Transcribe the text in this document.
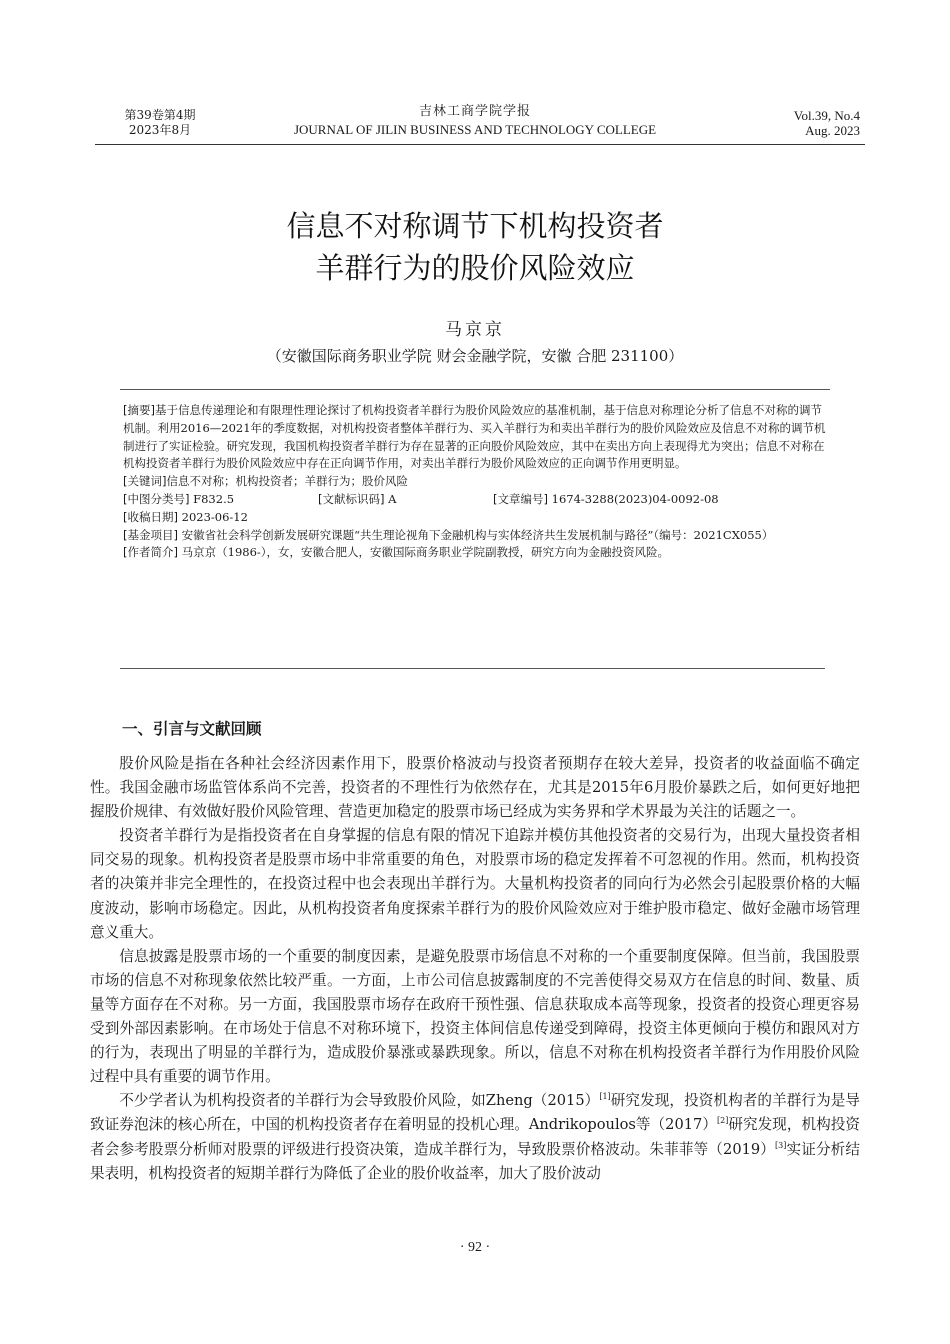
第39卷第4期
2023年8月
吉林工商学院学报
JOURNAL OF JILIN BUSINESS AND TECHNOLOGY COLLEGE
Vol.39, No.4
Aug. 2023
信息不对称调节下机构投资者
羊群行为的股价风险效应
马京京
（安徽国际商务职业学院 财会金融学院，安徽 合肥 231100）

[摘要]基于信息传递理论和有限理性理论探讨了机构投资者羊群行为股价风险效应的基准机制，基于信息对称理论分析了信息不对称的调节机制。利用2016—2021年的季度数据，对机构投资者整体羊群行为、买入羊群行为和卖出羊群行为的股价风险效应及信息不对称的调节机制进行了实证检验。研究发现，我国机构投资者羊群行为存在显著的正向股价风险效应，其中在卖出方向上表现得尤为突出；信息不对称在机构投资者羊群行为股价风险效应中存在正向调节作用，对卖出羊群行为股价风险效应的正向调节作用更明显。

[关键词]信息不对称；机构投资者；羊群行为；股价风险

[中图分类号] F832.5	[文献标识码] A	[文章编号] 1674-3288(2023)04-0092-08

[收稿日期] 2023-06-12

[基金项目] 安徽省社会科学创新发展研究课题“共生理论视角下金融机构与实体经济共生发展机制与路径”（编号：2021CX055）

[作者简介] 马京京（1986-），女，安徽合肥人，安徽国际商务职业学院副教授，研究方向为金融投资风险。

一、引言与文献回顾

股价风险是指在各种社会经济因素作用下，股票价格波动与投资者预期存在较大差异，投资者的收益面临不确定性。我国金融市场监管体系尚不完善，投资者的不理性行为依然存在，尤其是2015年6月股价暴跌之后，如何更好地把握股价规律、有效做好股价风险管理、营造更加稳定的股票市场已经成为实务界和学术界最为关注的话题之一。

投资者羊群行为是指投资者在自身掌握的信息有限的情况下追踪并模仿其他投资者的交易行为，出现大量投资者相同交易的现象。机构投资者是股票市场中非常重要的角色，对股票市场的稳定发挥着不可忽视的作用。然而，机构投资者的决策并非完全理性的，在投资过程中也会表现出羊群行为。大量机构投资者的同向行为必然会引起股票价格的大幅度波动，影响市场稳定。因此，从机构投资者角度探索羊群行为的股价风险效应对于维护股市稳定、做好金融市场管理意义重大。

信息披露是股票市场的一个重要的制度因素，是避免股票市场信息不对称的一个重要制度保障。但当前，我国股票市场的信息不对称现象依然比较严重。一方面，上市公司信息披露制度的不完善使得交易双方在信息的时间、数量、质量等方面存在不对称。另一方面，我国股票市场存在政府干预性强、信息获取成本高等现象，投资者的投资心理更容易受到外部因素影响。在市场处于信息不对称环境下，投资主体间信息传递受到障碍，投资主体更倾向于模仿和跟风对方的行为，表现出了明显的羊群行为，造成股价暴涨或暴跌现象。所以，信息不对称在机构投资者羊群行为作用股价风险过程中具有重要的调节作用。

不少学者认为机构投资者的羊群行为会导致股价风险，如Zheng（2015）[1]研究发现，投资机构者的羊群行为是导致证券泡沫的核心所在，中国的机构投资者存在着明显的投机心理。Andrikopoulos等（2017）[2]研究发现，机构投资者会参考股票分析师对股票的评级进行投资决策，造成羊群行为，导致股票价格波动。朱菲菲等（2019）[3]实证分析结果表明，机构投资者的短期羊群行为降低了企业的股价收益率，加大了股价波动

· 92 ·
